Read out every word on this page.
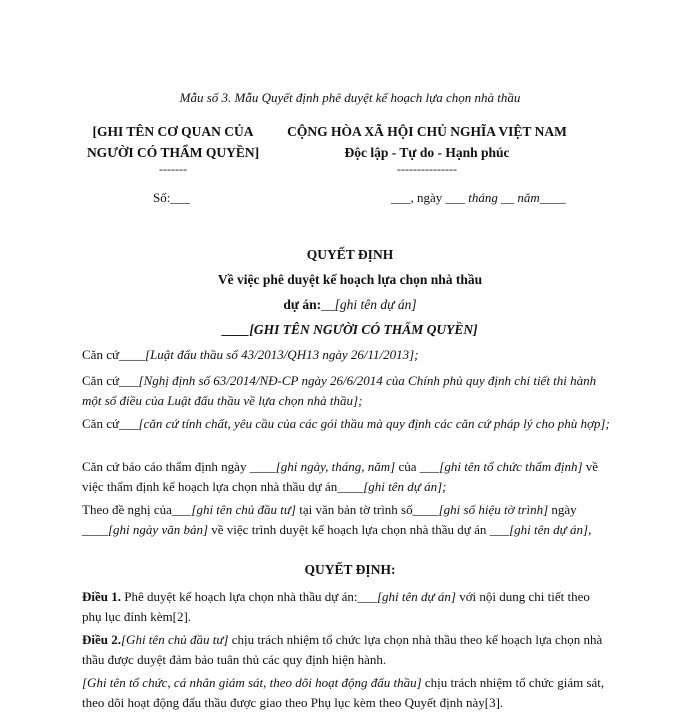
Mẫu số 3. Mẫu Quyết định phê duyệt kế hoạch lựa chọn nhà thầu
[GHI TÊN CƠ QUAN CỦA
NGƯỜI CÓ THẨM QUYỀN]
-------
CỘNG HÒA XÃ HỘI CHỦ NGHĨA VIỆT NAM
Độc lập - Tự do - Hạnh phúc
---------------
Số:___	___, ngày ___ tháng __ năm____
QUYẾT ĐỊNH
Về việc phê duyệt kế hoạch lựa chọn nhà thầu
dự án:__[ghi tên dự án]
____[GHI TÊN NGƯỜI CÓ THẨM QUYỀN]
Căn cứ____[Luật đấu thầu số 43/2013/QH13 ngày 26/11/2013];
Căn cứ___[Nghị định số 63/2014/NĐ-CP ngày 26/6/2014 của Chính phủ quy định chi tiết thi hành một số điều của Luật đấu thầu về lựa chọn nhà thầu];
Căn cứ___[căn cứ tính chất, yêu cầu của các gói thầu mà quy định các căn cứ pháp lý cho phù hợp];
Căn cứ báo cáo thẩm định ngày ____[ghi ngày, tháng, năm] của ___[ghi tên tổ chức thẩm định] về việc thẩm định kế hoạch lựa chọn nhà thầu dự án____[ghi tên dự án];
Theo đề nghị của___[ghi tên chủ đầu tư] tại văn bản tờ trình số____[ghi số hiệu tờ trình] ngày ____[ghi ngày văn bản] về việc trình duyệt kế hoạch lựa chọn nhà thầu dự án ___[ghi tên dự án],
QUYẾT ĐỊNH:
Điều 1. Phê duyệt kế hoạch lựa chọn nhà thầu dự án:___[ghi tên dự án] với nội dung chi tiết theo phụ lục đính kèm[2].
Điều 2.[Ghi tên chủ đầu tư] chịu trách nhiệm tổ chức lựa chọn nhà thầu theo kế hoạch lựa chọn nhà thầu được duyệt đảm bảo tuân thủ các quy định hiện hành.
[Ghi tên tổ chức, cá nhân giám sát, theo dõi hoạt động đấu thầu] chịu trách nhiệm tổ chức giám sát, theo dõi hoạt động đấu thầu được giao theo Phụ lục kèm theo Quyết định này[3].
